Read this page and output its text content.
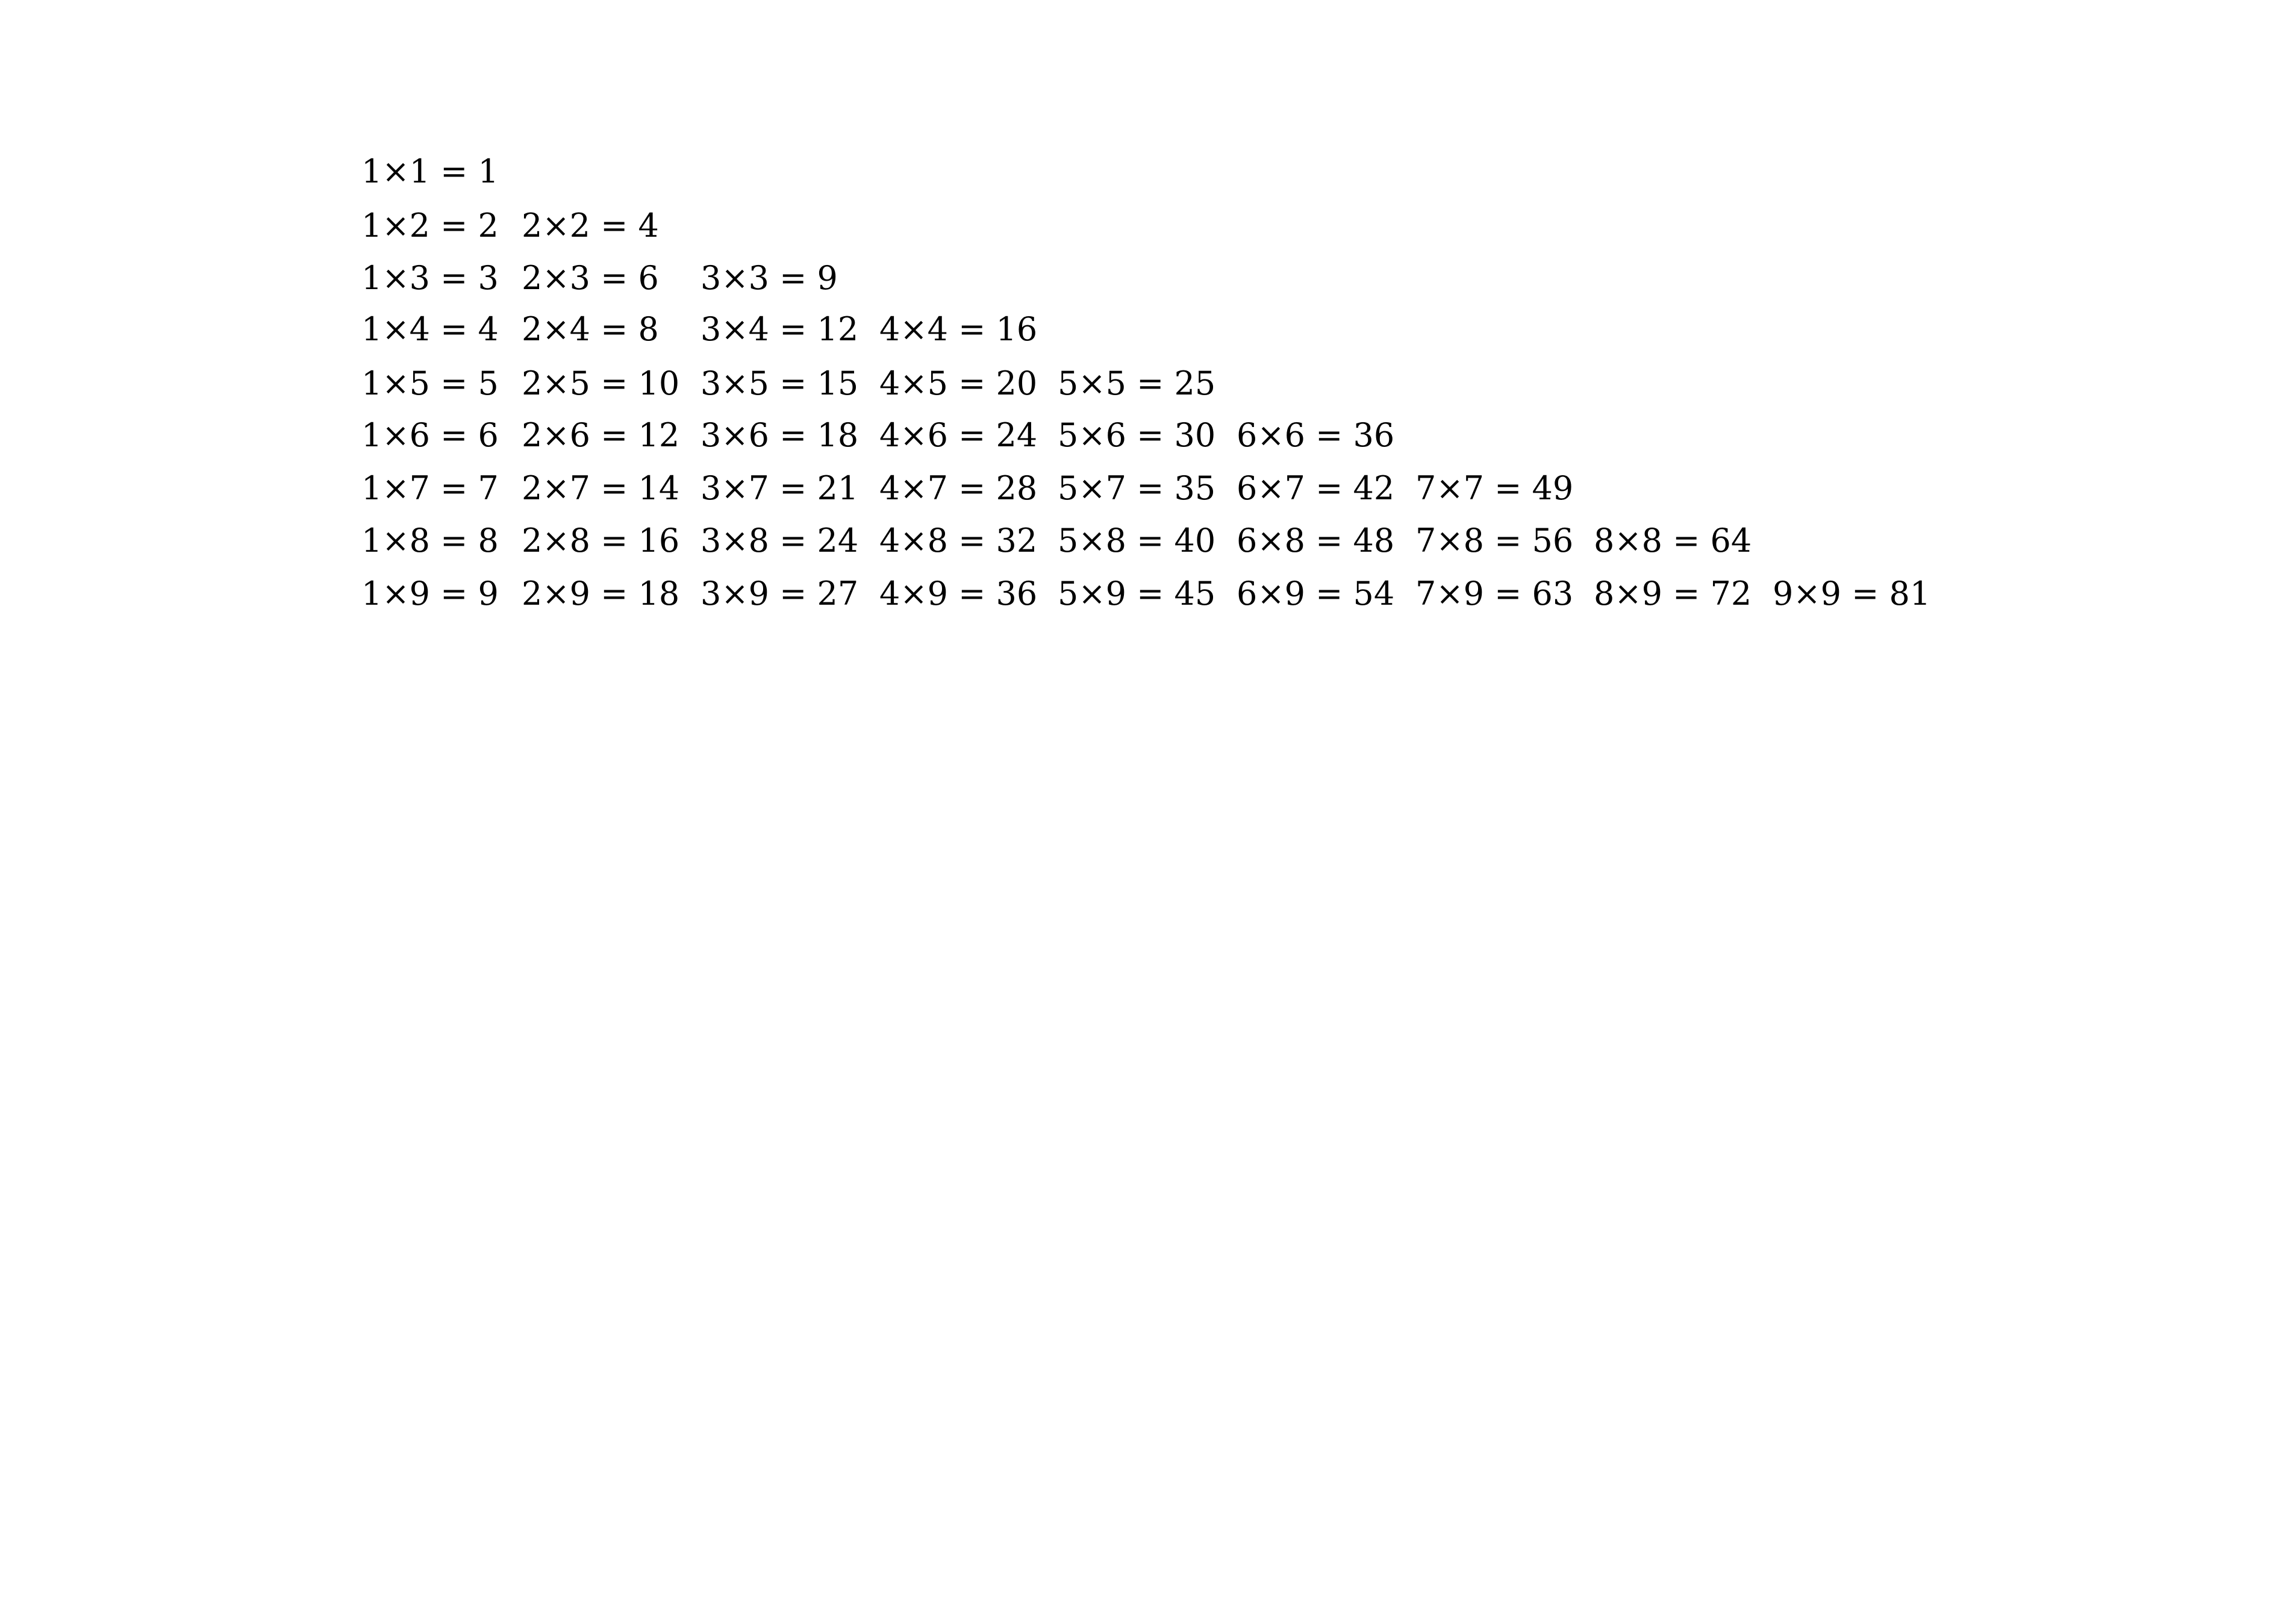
1×1 = 1
1×2 = 2 2×2 = 4
1×3 = 3 2×3 = 6 3×3 = 9
1×4 = 4 2×4 = 8 3×4 = 12 4×4 = 16
1×5 = 5 2×5 = 10 3×5 = 15 4×5 = 20 5×5 = 25
1×6 = 6 2×6 = 12 3×6 = 18 4×6 = 24 5×6 = 30 6×6 = 36
1×7 = 7 2×7 = 14 3×7 = 21 4×7 = 28 5×7 = 35 6×7 = 42 7×7 = 49
1×8 = 8 2×8 = 16 3×8 = 24 4×8 = 32 5×8 = 40 6×8 = 48 7×8 = 56 8×8 = 64
1×9 = 9 2×9 = 18 3×9 = 27 4×9 = 36 5×9 = 45 6×9 = 54 7×9 = 63 8×9 = 72 9×9 = 81
